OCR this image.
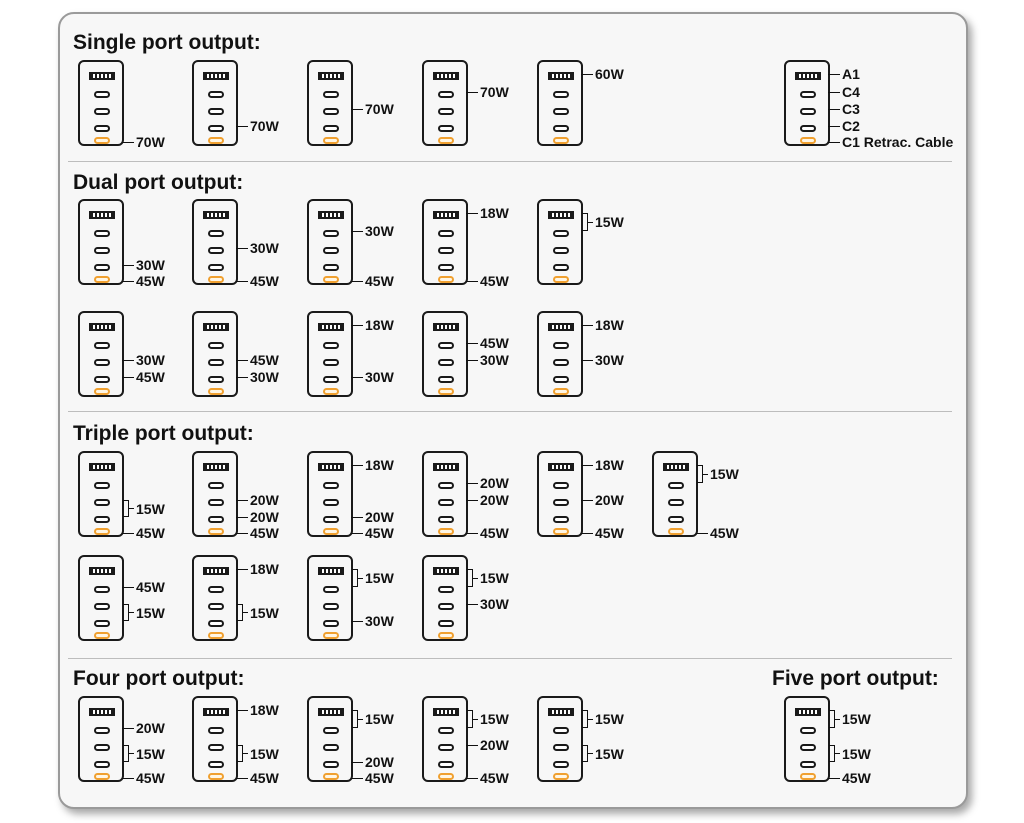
Single port output:
Dual port output:
Triple port output:
Four port output:	Five port output:
70W
70W
70W
70W
60W
30W
45W
30W
45W
30W
45W
18W
45W
15W
30W
45W
45W
30W
18W
30W
45W
30W
18W
30W
15W
45W
20W
20W
45W
18W
20W
45W
20W
20W
45W
18W
20W
45W
15W
45W
45W
15W
18W
15W
15W
30W
15W
30W
20W
15W
45W
18W
15W
45W
15W
20W
45W
15W
20W
45W
15W
15W
15W
15W
45W
A1
C4
C3
C2
C1 Retrac. Cable
